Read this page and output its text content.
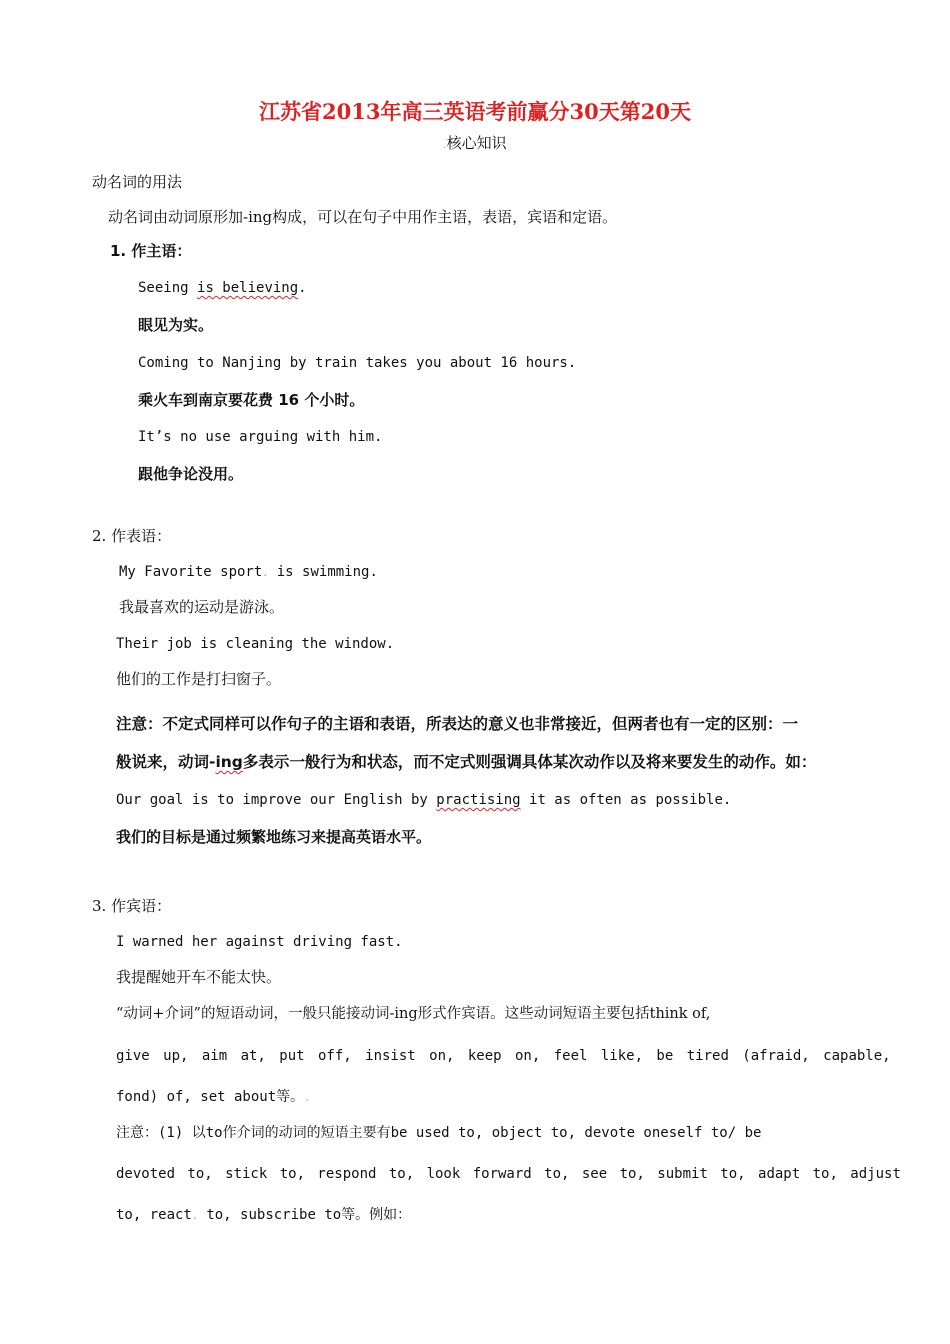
江苏省2013年高三英语考前赢分30天第20天
.核心知识
动名词的用法
动名词由动词原形加-ing构成，可以在句子中用作主语，表语，宾语和定语。
1. 作主语：
Seeing is believing.
眼见为实。
Coming to Nanjing by train takes you about 16 hours.
乘火车到南京要花费 16 个小时。
It’s no use arguing with him.
跟他争论没用。
2. 作表语：
My Favorite sport. is swimming.
我最喜欢的运动是游泳。
Their job is cleaning the window.
他们的工作是打扫窗子。
注意：不定式同样可以作句子的主语和表语，所表达的意义也非常接近，但两者也有一定的区别：一
般说来，动词-ing多表示一般行为和状态，而不定式则强调具体某次动作以及将来要发生的动作。如：
Our goal is to improve our English by practising it as often as possible.
我们的目标是通过频繁地练习来提高英语水平。
3. 作宾语：
I warned her against driving fast.
我提醒她开车不能太快。
“动词+介词”的短语动词，一般只能接动词-ing形式作宾语。这些动词短语主要包括think of,
give up, aim at, put off, insist on, keep on, feel like, be tired (afraid, capable,
fond) of, set about等。.
注意：(1) 以to作介词的动词的短语主要有be used to, object to, devote oneself to/ be
devoted to, stick to, respond to, look forward to, see to, submit to, adapt to, adjust
to, react. to, subscribe to等。例如：
